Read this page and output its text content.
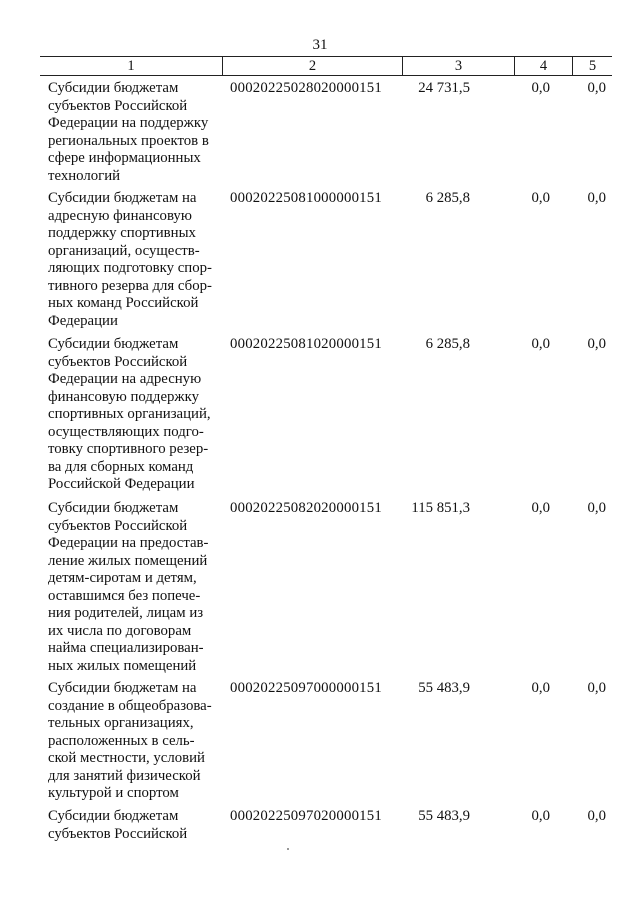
31
1	2	3	4	5
Субсидии бюджетам
субъектов Российской
Федерации на поддержку
региональных проектов в
сфере информационных
технологий
00020225028020000151	24 731,5	0,0	0,0
Субсидии бюджетам на
адресную финансовую
поддержку спортивных
организаций, осуществ-
ляющих подготовку спор-
тивного резерва для сбор-
ных команд Российской
Федерации
00020225081000000151	6 285,8	0,0	0,0
Субсидии бюджетам
субъектов Российской
Федерации на адресную
финансовую поддержку
спортивных организаций,
осуществляющих подго-
товку спортивного резер-
ва для сборных команд
Российской Федерации
00020225081020000151	6 285,8	0,0	0,0
Субсидии бюджетам
субъектов Российской
Федерации на предостав-
ление жилых помещений
детям-сиротам и детям,
оставшимся без попече-
ния родителей, лицам из
их числа по договорам
найма специализирован-
ных жилых помещений
00020225082020000151	115 851,3	0,0	0,0
Субсидии бюджетам на
создание в общеобразова-
тельных организациях,
расположенных в сель-
ской местности, условий
для занятий физической
культурой и спортом
00020225097000000151	55 483,9	0,0	0,0
Субсидии бюджетам
субъектов Российской
00020225097020000151	55 483,9	0,0	0,0
